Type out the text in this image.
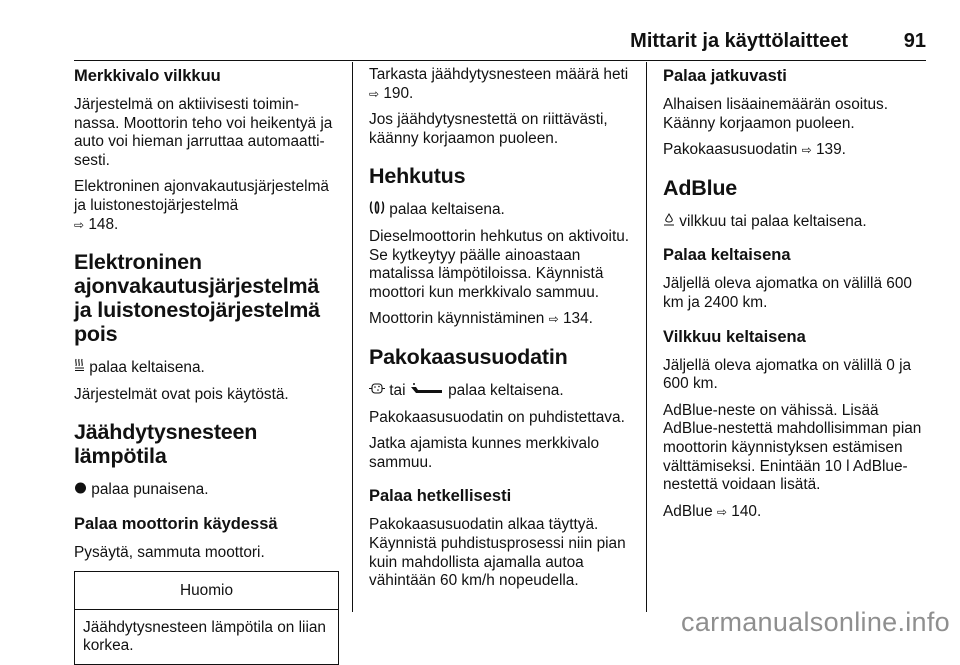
Mittarit ja käyttölaitteet	91
Merkkivalo vilkkuu

Järjestelmä on aktiivisesti toiminnassa. Moottorin teho voi heikentyä ja auto voi hieman jarruttaa automaattisesti.

Elektroninen ajonvakautusjärjestelmä ja luistonestojärjestelmä
⇨ 148.

Elektroninen ajonvakautusjärjestelmä ja luistonestojärjestelmä pois

palaa keltaisena.

Järjestelmät ovat pois käytöstä.

Jäähdytysnesteen lämpötila

palaa punaisena.

Palaa moottorin käydessä

Pysäytä, sammuta moottori.

Huomio
Jäähdytysnesteen lämpötila on liian korkea.

Tarkasta jäähdytysnesteen määrä heti ⇨ 190.

Jos jäähdytysnestettä on riittävästi, käänny korjaamon puoleen.

Hehkutus

palaa keltaisena.

Dieselmoottorin hehkutus on aktivoitu. Se kytkeytyy päälle ainoastaan matalissa lämpötiloissa. Käynnistä moottori kun merkkivalo sammuu.

Moottorin käynnistäminen ⇨ 134.

Pakokaasusuodatin

tai	palaa keltaisena.

Pakokaasusuodatin on puhdistettava.

Jatka ajamista kunnes merkkivalo sammuu.

Palaa hetkellisesti

Pakokaasusuodatin alkaa täyttyä. Käynnistä puhdistusprosessi niin pian kuin mahdollista ajamalla autoa vähintään 60 km/h nopeudella.

Palaa jatkuvasti

Alhaisen lisäainemäärän osoitus. Käänny korjaamon puoleen.

Pakokaasusuodatin ⇨ 139.

AdBlue

vilkkuu tai palaa keltaisena.

Palaa keltaisena

Jäljellä oleva ajomatka on välillä 600 km ja 2400 km.

Vilkkuu keltaisena

Jäljellä oleva ajomatka on välillä 0 ja 600 km.

AdBlue-neste on vähissä. Lisää AdBlue-nestettä mahdollisimman pian moottorin käynnistyksen estämisen välttämiseksi. Enintään 10 l AdBlue-nestettä voidaan lisätä.

AdBlue ⇨ 140.

carmanualsonline.info
